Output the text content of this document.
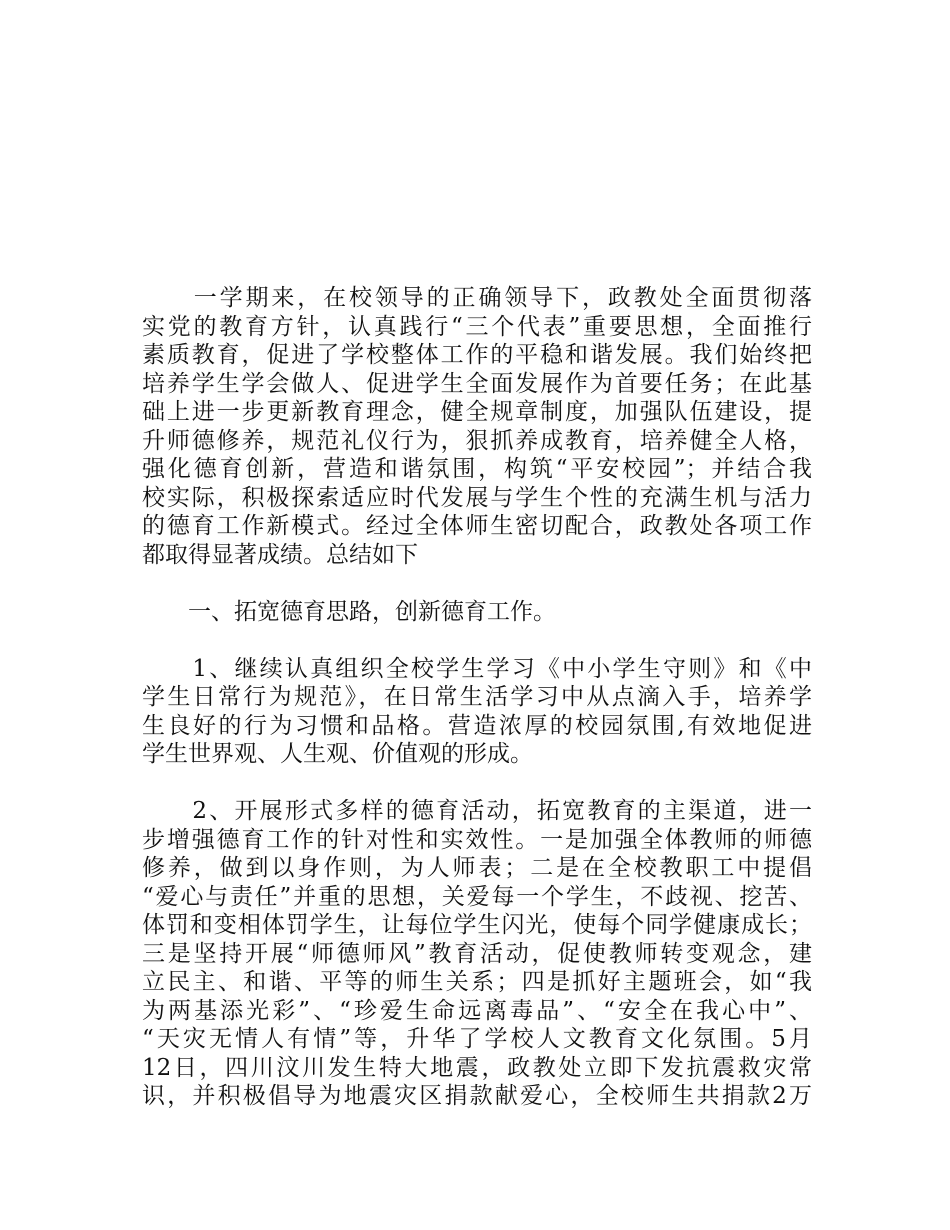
　　一学期来，在校领导的正确领导下，政教处全面贯彻落
实党的教育方针，认真践行“三个代表”重要思想，全面推行
素质教育，促进了学校整体工作的平稳和谐发展。我们始终把
培养学生学会做人、促进学生全面发展作为首要任务；在此基
础上进一步更新教育理念，健全规章制度，加强队伍建设，提
升师德修养，规范礼仪行为，狠抓养成教育，培养健全人格，
强化德育创新，营造和谐氛围，构筑“平安校园”；并结合我
校实际，积极探索适应时代发展与学生个性的充满生机与活力
的德育工作新模式。经过全体师生密切配合，政教处各项工作
都取得显著成绩。总结如下
　　一、拓宽德育思路，创新德育工作。
　　1、继续认真组织全校学生学习《中小学生守则》和《中
学生日常行为规范》，在日常生活学习中从点滴入手，培养学
生良好的行为习惯和品格。营造浓厚的校园氛围,有效地促进
学生世界观、人生观、价值观的形成。
　　2、开展形式多样的德育活动，拓宽教育的主渠道，进一
步增强德育工作的针对性和实效性。一是加强全体教师的师德
修养，做到以身作则，为人师表；二是在全校教职工中提倡
“爱心与责任”并重的思想，关爱每一个学生，不歧视、挖苦、
体罚和变相体罚学生，让每位学生闪光，使每个同学健康成长；
三是坚持开展“师德师风”教育活动，促使教师转变观念，建
立民主、和谐、平等的师生关系；四是抓好主题班会，如“我
为两基添光彩”、“珍爱生命远离毒品”、“安全在我心中”、
“天灾无情人有情”等，升华了学校人文教育文化氛围。5月
12日，四川汶川发生特大地震，政教处立即下发抗震救灾常
识，并积极倡导为地震灾区捐款献爱心，全校师生共捐款2万
